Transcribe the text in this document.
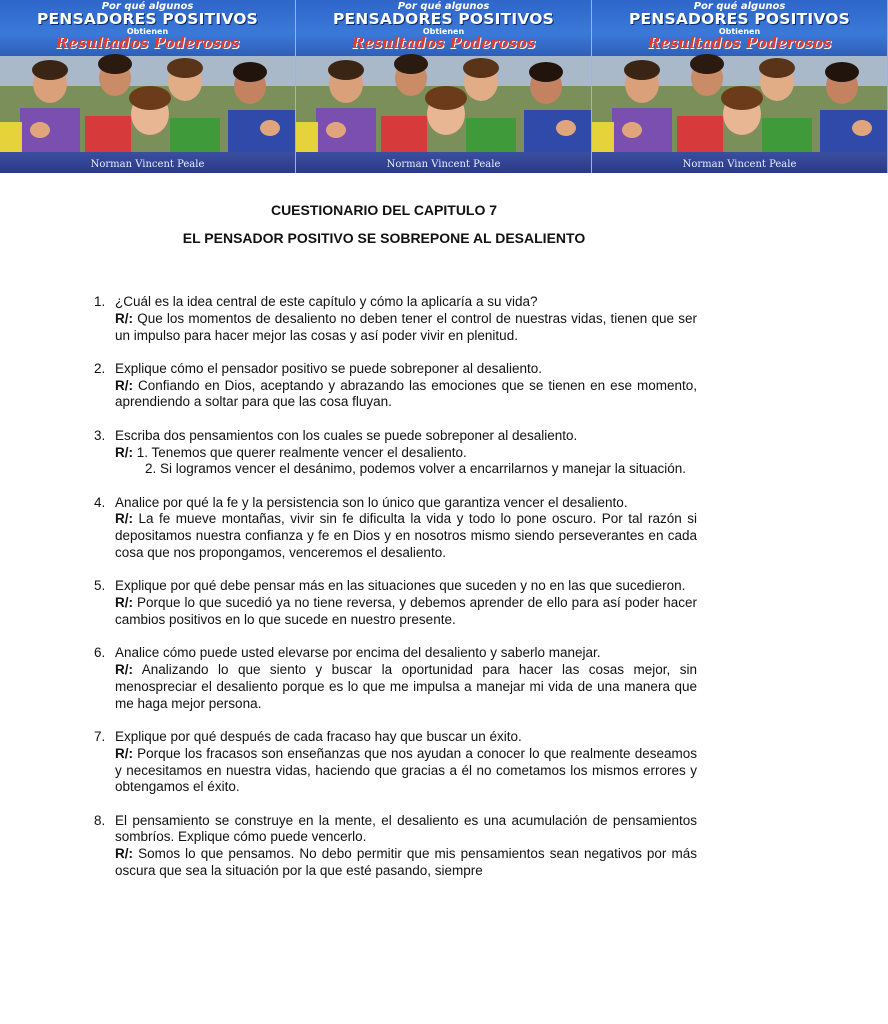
Por qué algunos
PENSADORES POSITIVOS
Obtienen
Resultados Poderosos
Norman Vincent Peale
Por qué algunos
PENSADORES POSITIVOS
Obtienen
Resultados Poderosos
Norman Vincent Peale
Por qué algunos
PENSADORES POSITIVOS
Obtienen
Resultados Poderosos
Norman Vincent Peale
CUESTIONARIO DEL CAPITULO 7
EL PENSADOR POSITIVO SE SOBREPONE AL DESALIENTO
1. ¿Cuál es la idea central de este capítulo y cómo la aplicaría a su vida?
R/: Que los momentos de desaliento no deben tener el control de nuestras vidas, tienen que ser un impulso para hacer mejor las cosas y así poder vivir en plenitud.
2. Explique cómo el pensador positivo se puede sobreponer al desaliento.
R/: Confiando en Dios, aceptando y abrazando las emociones que se tienen en ese momento, aprendiendo a soltar para que las cosa fluyan.
3. Escriba dos pensamientos con los cuales se puede sobreponer al desaliento.
R/: 1. Tenemos que querer realmente vencer el desaliento.
2. Si logramos vencer el desánimo, podemos volver a encarrilarnos y manejar la situación.
4. Analice por qué la fe y la persistencia son lo único que garantiza vencer el desaliento.
R/: La fe mueve montañas, vivir sin fe dificulta la vida y todo lo pone oscuro. Por tal razón si depositamos nuestra confianza y fe en Dios y en nosotros mismo siendo perseverantes en cada cosa que nos propongamos, venceremos el desaliento.
5. Explique por qué debe pensar más en las situaciones que suceden y no en las que sucedieron.
R/: Porque lo que sucedió ya no tiene reversa, y debemos aprender de ello para así poder hacer cambios positivos en lo que sucede en nuestro presente.
6. Analice cómo puede usted elevarse por encima del desaliento y saberlo manejar.
R/: Analizando lo que siento y buscar la oportunidad para hacer las cosas mejor, sin menospreciar el desaliento porque es lo que me impulsa a manejar mi vida de una manera que me haga mejor persona.
7. Explique por qué después de cada fracaso hay que buscar un éxito.
R/: Porque los fracasos son enseñanzas que nos ayudan a conocer lo que realmente deseamos y necesitamos en nuestra vidas, haciendo que gracias a él no cometamos los mismos errores y obtengamos el éxito.
8. El pensamiento se construye en la mente, el desaliento es una acumulación de pensamientos sombríos. Explique cómo puede vencerlo.
R/: Somos lo que pensamos. No debo permitir que mis pensamientos sean negativos por más oscura que sea la situación por la que esté pasando, siempre
